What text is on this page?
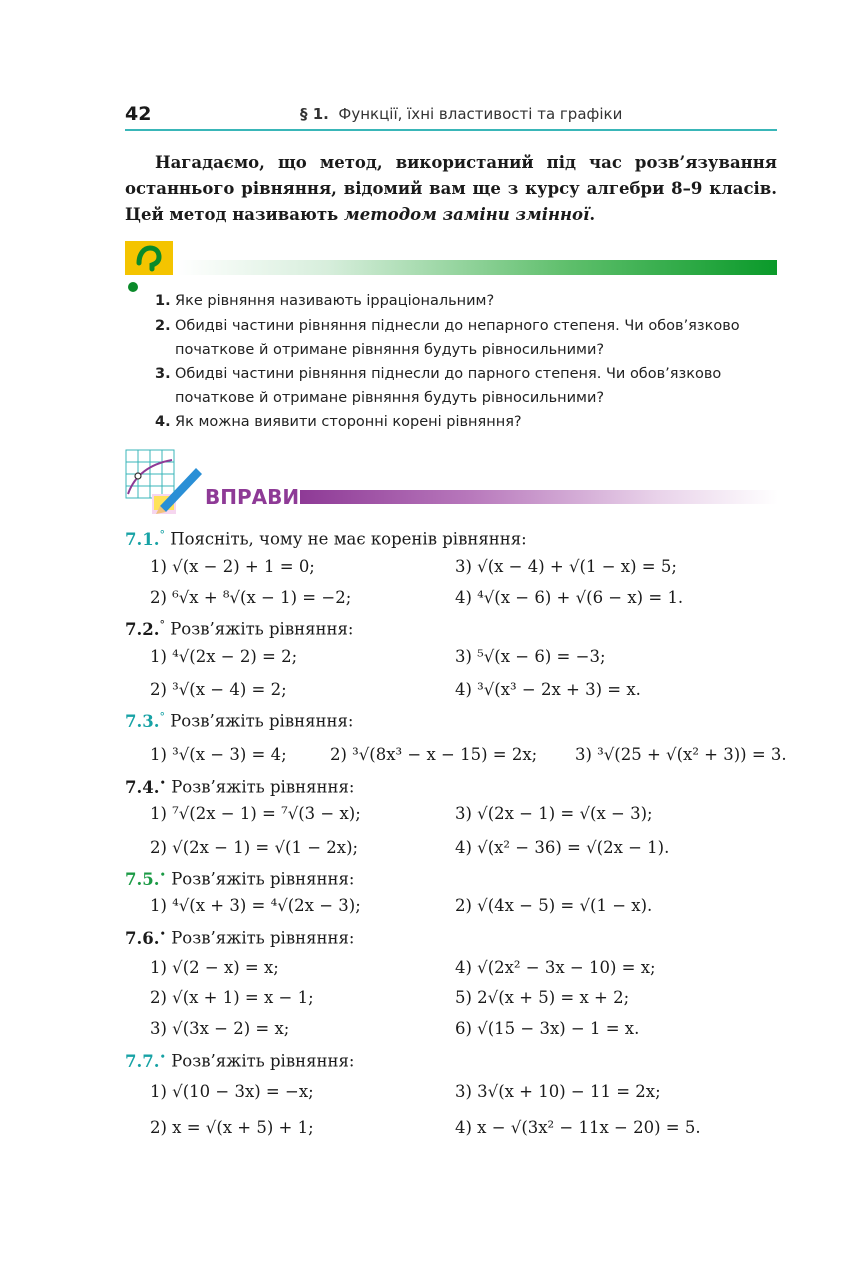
42	§ 1. Функції, їхні властивості та графіки
Нагадаємо, що метод, використаний під час розв’язування останнього рівняння, відомий вам ще з курсу алгебри 8–9 класів. Цей метод називають методом заміни змінної.
1. Яке рівняння називають ірраціональним?
2. Обидві частини рівняння піднесли до непарного степеня. Чи обов’язково
початкове й отримане рівняння будуть рівносильними?
3. Обидві частини рівняння піднесли до парного степеня. Чи обов’язково
початкове й отримане рівняння будуть рівносильними?
4. Як можна виявити сторонні корені рівняння?
ВПРАВИ
7.1.° Поясніть, чому не має коренів рівняння:
1) √(x − 2) + 1 = 0;	3) √(x − 4) + √(1 − x) = 5;
2) ⁶√x + ⁸√(x − 1) = −2;	4) ⁴√(x − 6) + √(6 − x) = 1.
7.2.° Розв’яжіть рівняння:
1) ⁴√(2x − 2) = 2;	3) ⁵√(x − 6) = −3;
2) ³√(x − 4) = 2;	4) ³√(x³ − 2x + 3) = x.
7.3.° Розв’яжіть рівняння:
1) ³√(x − 3) = 4;	2) ³√(8x³ − x − 15) = 2x; 3) ³√(25 + √(x² + 3)) = 3.
7.4.• Розв’яжіть рівняння:
1) ⁷√(2x − 1) = ⁷√(3 − x);	3) √(2x − 1) = √(x − 3);
2) √(2x − 1) = √(1 − 2x);	4) √(x² − 36) = √(2x − 1).
7.5.• Розв’яжіть рівняння:
1) ⁴√(x + 3) = ⁴√(2x − 3);	2) √(4x − 5) = √(1 − x).
7.6.• Розв’яжіть рівняння:
1) √(2 − x) = x;	4) √(2x² − 3x − 10) = x;
2) √(x + 1) = x − 1;	5) 2√(x + 5) = x + 2;
3) √(3x − 2) = x;	6) √(15 − 3x) − 1 = x.
7.7.• Розв’яжіть рівняння:
1) √(10 − 3x) = −x;	3) 3√(x + 10) − 11 = 2x;
2) x = √(x + 5) + 1;	4) x − √(3x² − 11x − 20) = 5.
